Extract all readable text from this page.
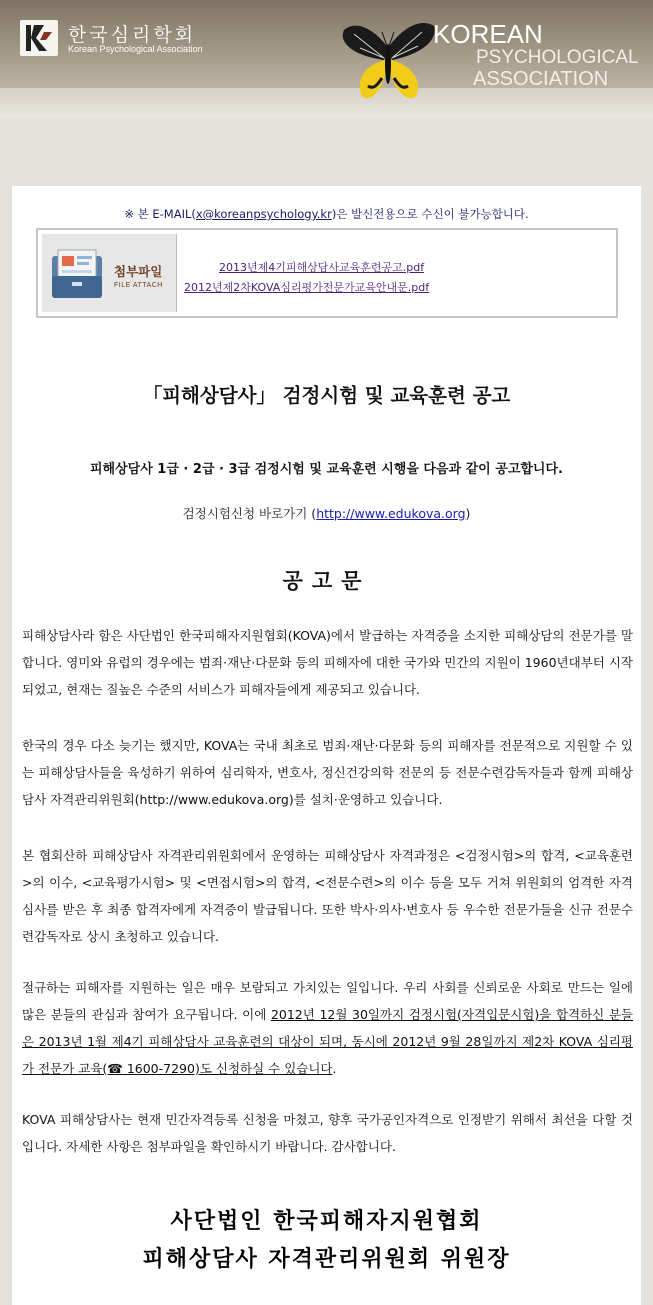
한국심리학회
Korean Psychological Association	KOREAN
PSYCHOLOGICAL
ASSOCIATION
※ 본 E-MAIL(x@koreanpsychology.kr)은 발신전용으로 수신이 불가능합니다.
첨부파일
FILE ATTACH
2013년제4기피해상담사교육훈련공고.pdf
2012년제2차KOVA심리평가전문가교육안내문.pdf
「피해상담사」 검정시험 및 교육훈련 공고
피해상담사 1급 · 2급 · 3급 검정시험 및 교육훈련 시행을 다음과 같이 공고합니다.
검정시험신청 바로가기 (http://www.edukova.org)
공고문
피해상담사라 함은 사단법인 한국피해자지원협회(KOVA)에서 발급하는 자격증을 소지한 피해상담의 전문가를 말합니다. 영미와 유럽의 경우에는 범죄·재난·다문화 등의 피해자에 대한 국가와 민간의 지원이 1960년대부터 시작되었고, 현재는 질높은 수준의 서비스가 피해자들에게 제공되고 있습니다.
한국의 경우 다소 늦기는 했지만, KOVA는 국내 최초로 범죄·재난·다문화 등의 피해자를 전문적으로 지원할 수 있는 피해상담사들을 육성하기 위하여 심리학자, 변호사, 정신건강의학 전문의 등 전문수련감독자들과 함께 피해상담사 자격관리위원회(http://www.edukova.org)를 설치·운영하고 있습니다.
본 협회산하 피해상담사 자격관리위원회에서 운영하는 피해상담사 자격과정은 <검정시험>의 합격, <교육훈련>의 이수, <교육평가시험> 및 <면접시험>의 합격, <전문수련>의 이수 등을 모두 거쳐 위원회의 엄격한 자격심사를 받은 후 최종 합격자에게 자격증이 발급됩니다. 또한 박사·의사·변호사 등 우수한 전문가들을 신규 전문수련감독자로 상시 초청하고 있습니다.
절규하는 피해자를 지원하는 일은 매우 보람되고 가치있는 일입니다. 우리 사회를 신뢰로운 사회로 만드는 일에 많은 분들의 관심과 참여가 요구됩니다. 이에 2012년 12월 30일까지 검정시험(자격입문시험)을 합격하신 분들은 2013년 1월 제4기 피해상담사 교육훈련의 대상이 되며, 동시에 2012년 9월 28일까지 제2차 KOVA 심리평가 전문가 교육(☎ 1600-7290)도 신청하실 수 있습니다.
KOVA 피해상담사는 현재 민간자격등록 신청을 마쳤고, 향후 국가공인자격으로 인정받기 위해서 최선을 다할 것입니다. 자세한 사항은 첨부파일을 확인하시기 바랍니다. 감사합니다.
사단법인 한국피해자지원협회
피해상담사 자격관리위원회 위원장
